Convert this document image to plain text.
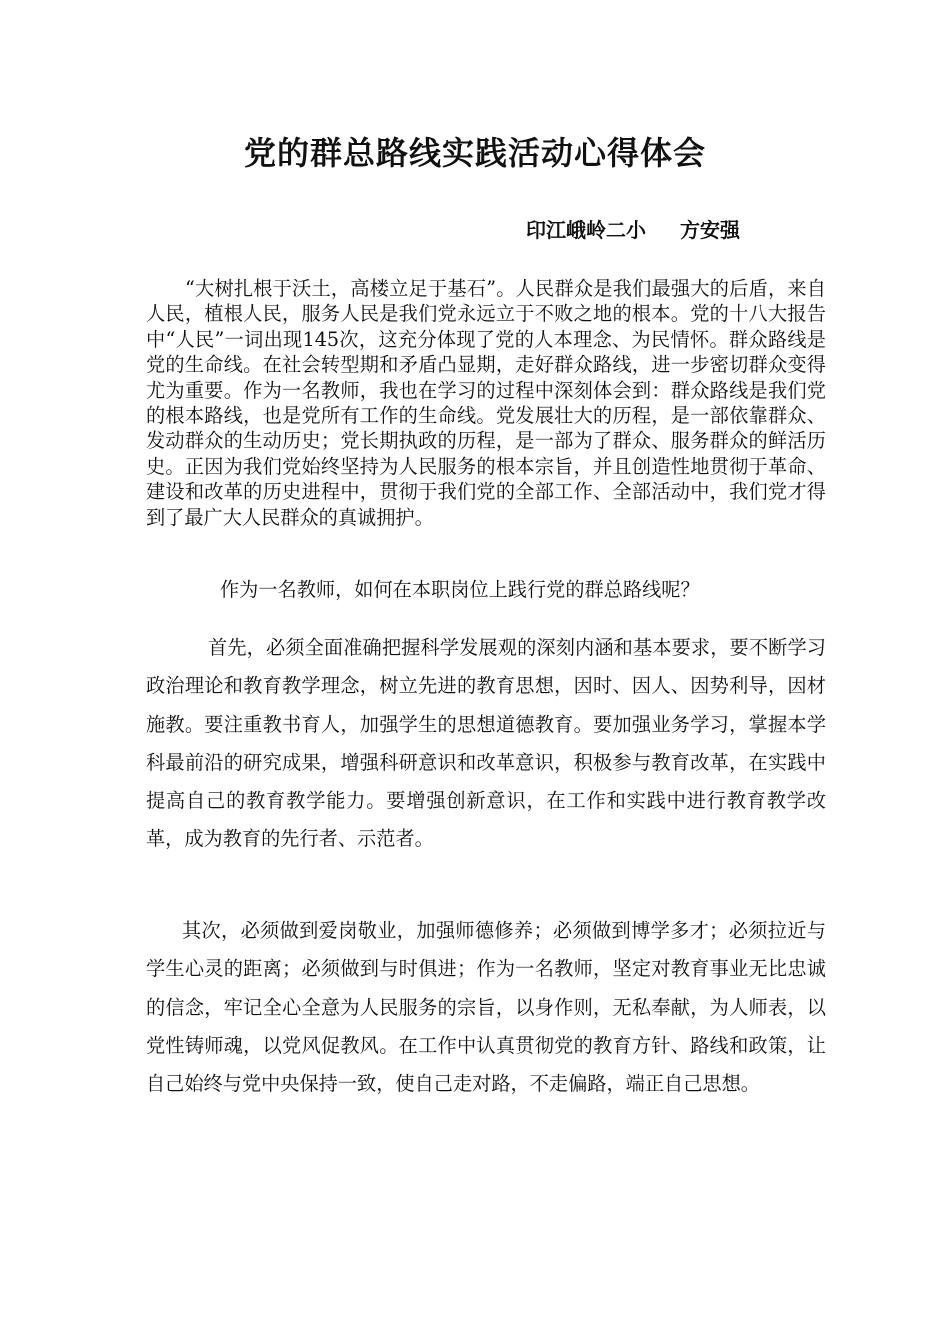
党的群总路线实践活动心得体会
印江峨岭二小 方安强

“大树扎根于沃土，高楼立足于基石”。人民群众是我们最强大的后盾，来自人民，植根人民，服务人民是我们党永远立于不败之地的根本。党的十八大报告中“人民”一词出现145次，这充分体现了党的人本理念、为民情怀。群众路线是党的生命线。在社会转型期和矛盾凸显期，走好群众路线，进一步密切群众变得尤为重要。作为一名教师，我也在学习的过程中深刻体会到：群众路线是我们党的根本路线，也是党所有工作的生命线。党发展壮大的历程，是一部依靠群众、发动群众的生动历史；党长期执政的历程，是一部为了群众、服务群众的鲜活历史。正因为我们党始终坚持为人民服务的根本宗旨，并且创造性地贯彻于革命、建设和改革的历史进程中，贯彻于我们党的全部工作、全部活动中，我们党才得到了最广大人民群众的真诚拥护。

作为一名教师，如何在本职岗位上践行党的群总路线呢？

首先，必须全面准确把握科学发展观的深刻内涵和基本要求，要不断学习政治理论和教育教学理念，树立先进的教育思想，因时、因人、因势利导，因材施教。要注重教书育人，加强学生的思想道德教育。要加强业务学习，掌握本学科最前沿的研究成果，增强科研意识和改革意识，积极参与教育改革，在实践中提高自己的教育教学能力。要增强创新意识，在工作和实践中进行教育教学改革，成为教育的先行者、示范者。

其次，必须做到爱岗敬业，加强师德修养；必须做到博学多才；必须拉近与学生心灵的距离；必须做到与时俱进；作为一名教师，坚定对教育事业无比忠诚的信念，牢记全心全意为人民服务的宗旨，以身作则，无私奉献，为人师表，以党性铸师魂，以党风促教风。在工作中认真贯彻党的教育方针、路线和政策，让自己始终与党中央保持一致，使自己走对路，不走偏路，端正自己思想。
